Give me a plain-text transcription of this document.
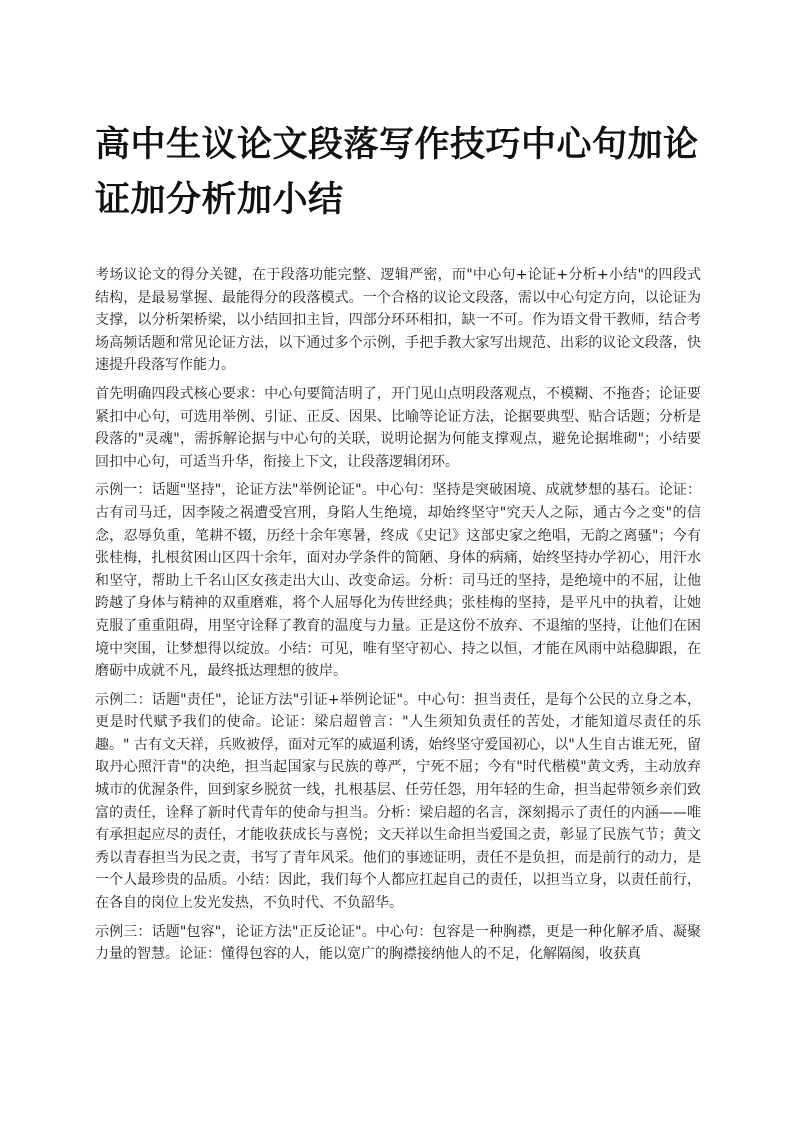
高中生议论文段落写作技巧中心句加论证加分析加小结

考场议论文的得分关键，在于段落功能完整、逻辑严密，而"中心句+论证+分析+小结"的四段式结构，是最易掌握、最能得分的段落模式。一个合格的议论文段落，需以中心句定方向，以论证为支撑，以分析架桥梁，以小结回扣主旨，四部分环环相扣，缺一不可。作为语文骨干教师，结合考场高频话题和常见论证方法，以下通过多个示例，手把手教大家写出规范、出彩的议论文段落，快速提升段落写作能力。

首先明确四段式核心要求：中心句要简洁明了，开门见山点明段落观点，不模糊、不拖沓；论证要紧扣中心句，可选用举例、引证、正反、因果、比喻等论证方法，论据要典型、贴合话题；分析是段落的"灵魂"，需拆解论据与中心句的关联，说明论据为何能支撑观点，避免论据堆砌"；小结要回扣中心句，可适当升华，衔接上下文，让段落逻辑闭环。

示例一：话题"坚持"，论证方法"举例论证"。中心句：坚持是突破困境、成就梦想的基石。论证：古有司马迁，因李陵之祸遭受宫刑，身陷人生绝境，却始终坚守"究天人之际，通古今之变"的信念，忍辱负重，笔耕不辍，历经十余年寒暑，终成《史记》这部史家之绝唱，无韵之离骚"；今有张桂梅，扎根贫困山区四十余年，面对办学条件的简陋、身体的病痛，始终坚持办学初心，用汗水和坚守，帮助上千名山区女孩走出大山、改变命运。分析：司马迁的坚持，是绝境中的不屈，让他跨越了身体与精神的双重磨难，将个人屈辱化为传世经典；张桂梅的坚持，是平凡中的执着，让她克服了重重阻碍，用坚守诠释了教育的温度与力量。正是这份不放弃、不退缩的坚持，让他们在困境中突围，让梦想得以绽放。小结：可见，唯有坚守初心、持之以恒，才能在风雨中站稳脚跟，在磨砺中成就不凡，最终抵达理想的彼岸。

示例二：话题"责任"，论证方法"引证+举例论证"。中心句：担当责任，是每个公民的立身之本，更是时代赋予我们的使命。论证：梁启超曾言："人生须知负责任的苦处，才能知道尽责任的乐趣。" 古有文天祥，兵败被俘，面对元军的威逼利诱，始终坚守爱国初心，以"人生自古谁无死，留取丹心照汗青"的决绝，担当起国家与民族的尊严，宁死不屈；今有"时代楷模"黄文秀，主动放弃城市的优渥条件，回到家乡脱贫一线，扎根基层、任劳任怨，用年轻的生命，担当起带领乡亲们致富的责任，诠释了新时代青年的使命与担当。分析：梁启超的名言，深刻揭示了责任的内涵——唯有承担起应尽的责任，才能收获成长与喜悦；文天祥以生命担当爱国之责，彰显了民族气节；黄文秀以青春担当为民之责，书写了青年风采。他们的事迹证明，责任不是负担，而是前行的动力，是一个人最珍贵的品质。小结：因此，我们每个人都应扛起自己的责任，以担当立身，以责任前行，在各自的岗位上发光发热，不负时代、不负韶华。

示例三：话题"包容"，论证方法"正反论证"。中心句：包容是一种胸襟，更是一种化解矛盾、凝聚力量的智慧。论证：懂得包容的人，能以宽广的胸襟接纳他人的不足，化解隔阂，收获真
